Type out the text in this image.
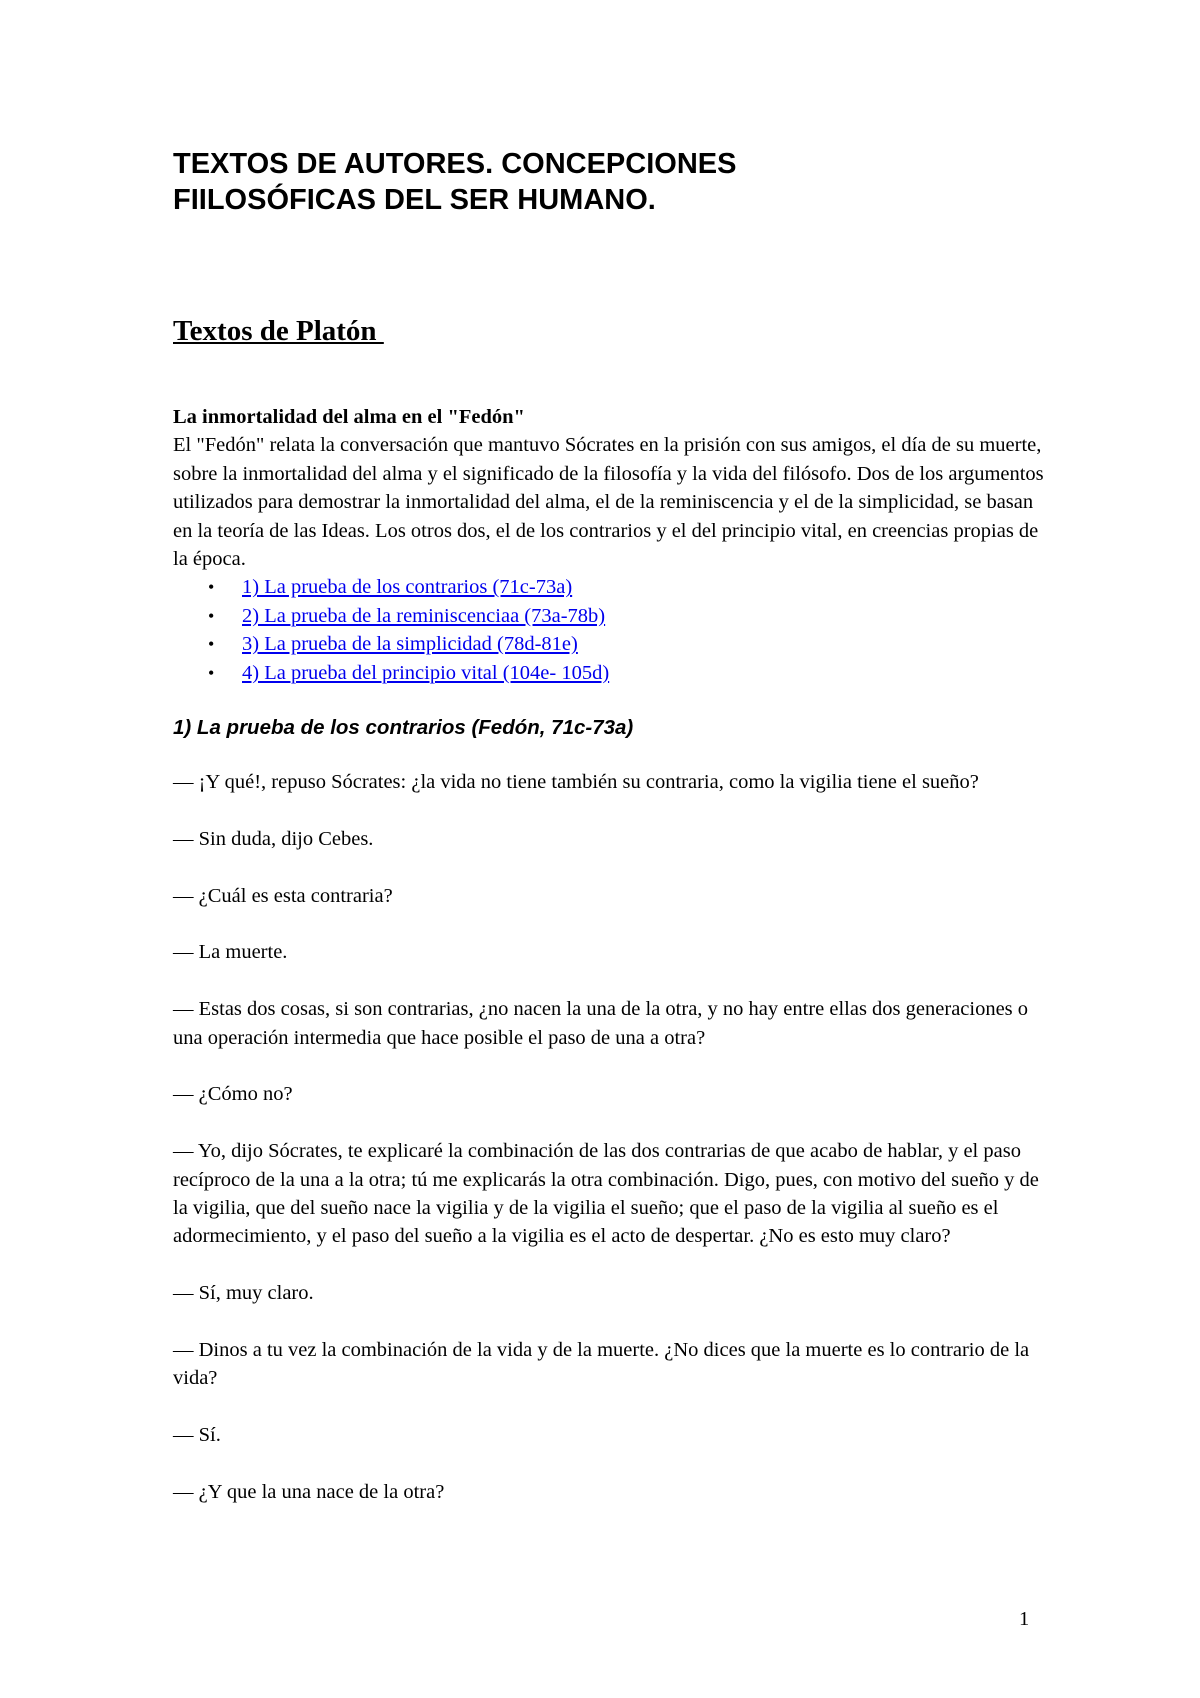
TEXTOS DE AUTORES. CONCEPCIONES
FIILOSÓFICAS DEL SER HUMANO.
Textos de Platón

La inmortalidad del alma en el "Fedón"

El "Fedón" relata la conversación que mantuvo Sócrates en la prisión con sus amigos, el día de su muerte, sobre la inmortalidad del alma y el significado de la filosofía y la vida del filósofo. Dos de los argumentos utilizados para demostrar la inmortalidad del alma, el de la reminiscencia y el de la simplicidad, se basan en la teoría de las Ideas. Los otros dos, el de los contrarios y el del principio vital, en creencias propias de la época.

• 1) La prueba de los contrarios (71c-73a)
• 2) La prueba de la reminiscenciaa (73a-78b)
• 3) La prueba de la simplicidad (78d-81e)
• 4) La prueba del principio vital (104e- 105d)
1) La prueba de los contrarios (Fedón, 71c-73a)

— ¡Y qué!, repuso Sócrates: ¿la vida no tiene también su contraria, como la vigilia tiene el sueño?

— Sin duda, dijo Cebes.

— ¿Cuál es esta contraria?

— La muerte.

— Estas dos cosas, si son contrarias, ¿no nacen la una de la otra, y no hay entre ellas dos generaciones o una operación intermedia que hace posible el paso de una a otra?

— ¿Cómo no?

— Yo, dijo Sócrates, te explicaré la combinación de las dos contrarias de que acabo de hablar, y el paso recíproco de la una a la otra; tú me explicarás la otra combinación. Digo, pues, con motivo del sueño y de la vigilia, que del sueño nace la vigilia y de la vigilia el sueño; que el paso de la vigilia al sueño es el adormecimiento, y el paso del sueño a la vigilia es el acto de despertar. ¿No es esto muy claro?

— Sí, muy claro.

— Dinos a tu vez la combinación de la vida y de la muerte. ¿No dices que la muerte es lo contrario de la vida?

— Sí.

— ¿Y que la una nace de la otra?

1
